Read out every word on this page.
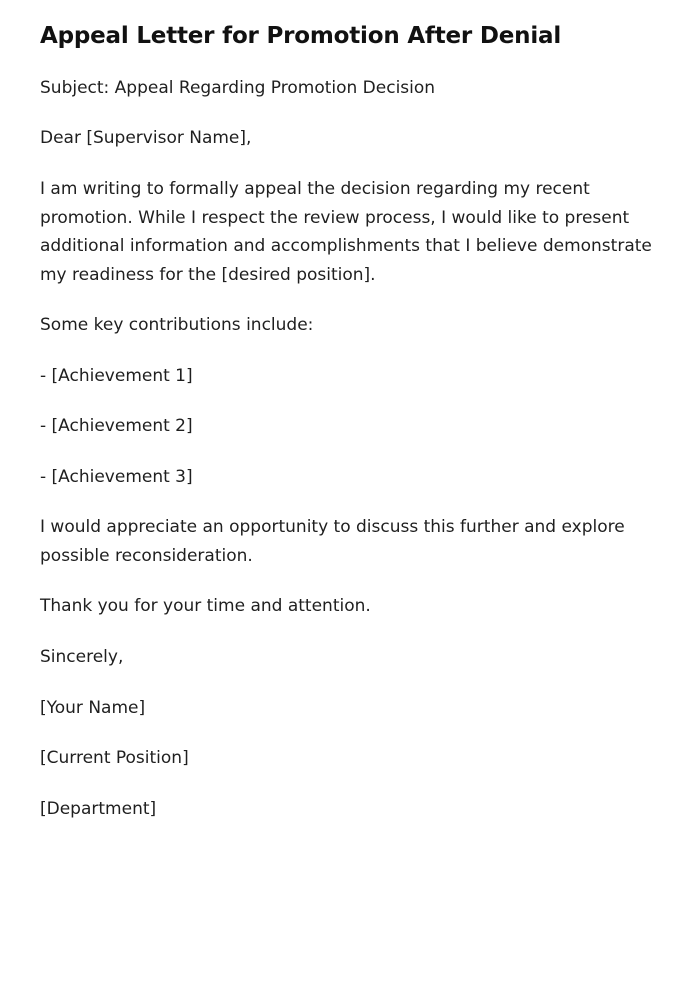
Appeal Letter for Promotion After Denial

Subject: Appeal Regarding Promotion Decision

Dear [Supervisor Name],

I am writing to formally appeal the decision regarding my recent promotion. While I respect the review process, I would like to present additional information and accomplishments that I believe demonstrate my readiness for the [desired position].

Some key contributions include:

- [Achievement 1]

- [Achievement 2]

- [Achievement 3]

I would appreciate an opportunity to discuss this further and explore possible reconsideration.

Thank you for your time and attention.

Sincerely,

[Your Name]

[Current Position]

[Department]
